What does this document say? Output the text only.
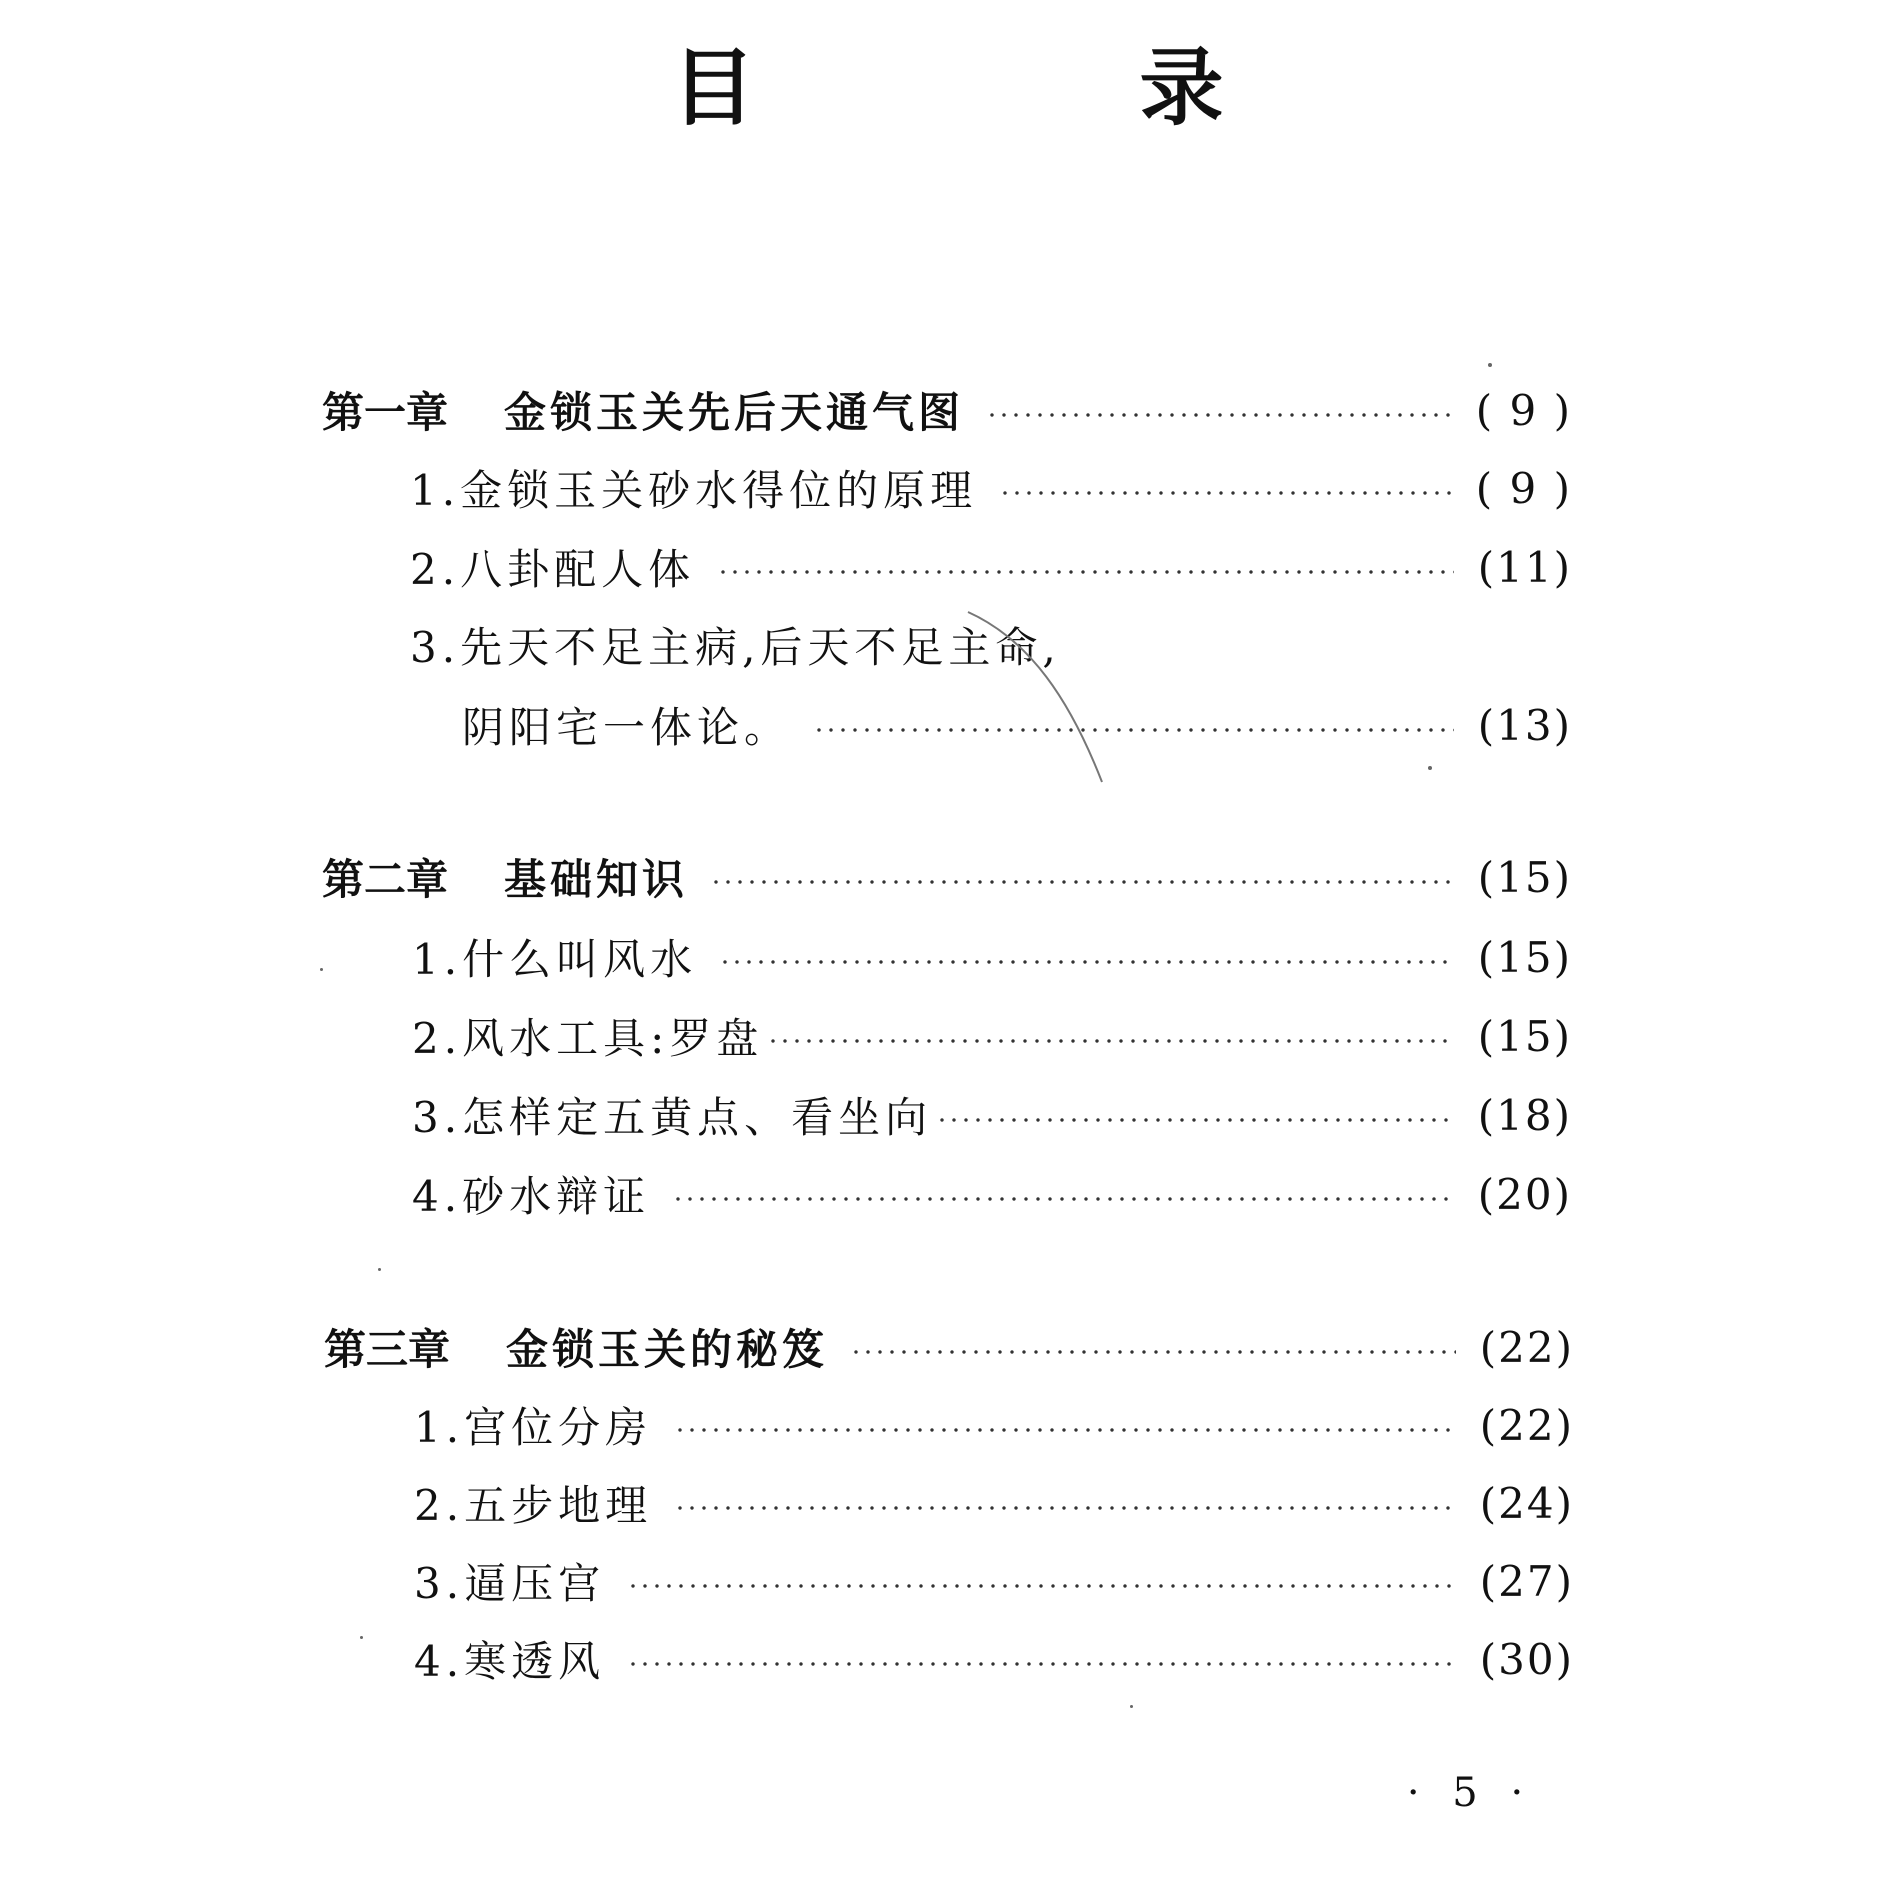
目　录
第一章	金锁玉关先后天通气图	( 9 )
1.金锁玉关砂水得位的原理	( 9 )
2.八卦配人体	(11)
3.先天不足主病,后天不足主命,
阴阳宅一体论。	(13)
第二章	基础知识	(15)
1.什么叫风水	(15)
2.风水工具:罗盘	(15)
3.怎样定五黄点、看坐向	(18)
4.砂水辩证	(20)
第三章	金锁玉关的秘笈	(22)
1.宫位分房	(22)
2.五步地理	(24)
3.逼压宫	(27)
4.寒透风	(30)
· 5 ·
